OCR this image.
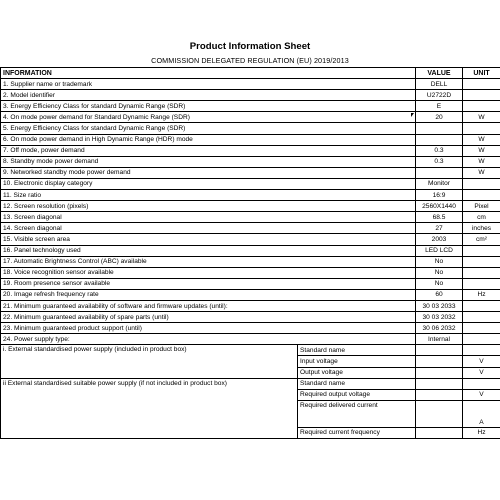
Product Information Sheet
COMMISSION DELEGATED REGULATION (EU) 2019/2013
INFORMATION		VALUE	UNIT
1. Supplier name or trademark		DELL	
2. Model identifier		U2722D	
3. Energy Efficiency Class for standard Dynamic Range (SDR)		E	
4. On mode power demand for Standard Dynamic Range (SDR)		20	W
5. Energy Efficiency Class for standard Dynamic Range (SDR)			
6. On mode power demand in High Dynamic Range (HDR) mode			W
7. Off mode, power demand		0.3	W
8. Standby mode power demand		0.3	W
9. Networked standby mode power demand			W
10. Electronic display category		Monitor	
11. Size ratio		16:9	
12. Screen resolution (pixels)		2560X1440	Pixel
13. Screen diagonal		68.5	cm
14. Screen diagonal		27	inches
15. Visible screen area		2003	cm²
16. Panel technology used		LED LCD	
17. Automatic Brightness Control (ABC) available		No	
18. Voice recognition sensor available		No	
19. Room presence sensor available		No	
20. Image refresh frequency rate		60	Hz
21. Minimum guaranteed availability of software and firmware updates (until):		30 03 2033	
22. Minimum guaranteed availability of spare parts (until)		30 03 2032	
23. Minimum guaranteed product support (until)		30 06 2032	
24. Power supply type:		Internal	
i. External standardised power supply (included in product box)	Standard name		
	Input voltage		V
	Output voltage		V
ii External standardised suitable power supply (if not included in product box)	Standard name		
	Required output voltage		V
	Required delivered current		A
	Required current frequency		Hz
